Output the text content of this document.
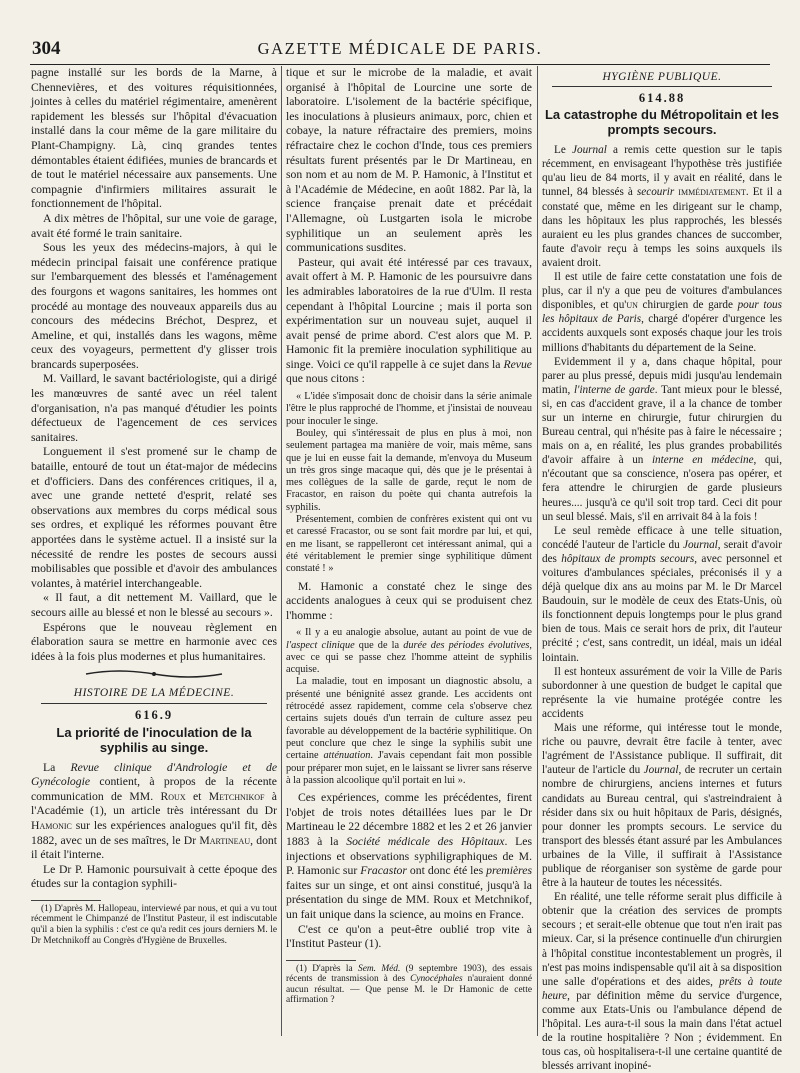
304	GAZETTE MÉDICALE DE PARIS.

pagne installé sur les bords de la Marne, à Chennevières, et des voitures réquisitionnées, jointes à celles du matériel régimentaire, amenèrent rapidement les blessés sur l'hôpital d'évacuation installé dans la cour même de la gare militaire du Plant-Champigny. Là, cinq grandes tentes démontables étaient édifiées, munies de brancards et de tout le matériel nécessaire aux pansements. Une compagnie d'infirmiers militaires assurait le fonctionnement de l'hôpital.

A dix mètres de l'hôpital, sur une voie de garage, avait été formé le train sanitaire.

Sous les yeux des médecins-majors, à qui le médecin principal faisait une conférence pratique sur l'embarquement des blessés et l'aménagement des fourgons et wagons sanitaires, les hommes ont procédé au montage des nouveaux appareils dus au concours des médecins Bréchot, Desprez, et Ameline, et qui, installés dans les wagons, même ceux des voyageurs, permettent d'y glisser trois brancards superposées.

M. Vaillard, le savant bactériologiste, qui a dirigé les manœuvres de santé avec un réel talent d'organisation, n'a pas manqué d'étudier les points défectueux de l'agencement de ces services sanitaires.

Longuement il s'est promené sur le champ de bataille, entouré de tout un état-major de médecins et d'officiers. Dans des conférences critiques, il a, avec une grande netteté d'esprit, relaté ses observations aux membres du corps médical sous ses ordres, et expliqué les réformes pouvant être apportées dans le système actuel. Il a insisté sur la nécessité de rendre les postes de secours aussi mobilisables que possible et d'avoir des ambulances volantes, à matériel interchangeable.

« Il faut, a dit nettement M. Vaillard, que le secours aille au blessé et non le blessé au secours ».

Espérons que le nouveau règlement en élaboration saura se mettre en harmonie avec ces idées à la fois plus modernes et plus humanitaires.

HISTOIRE DE LA MÉDECINE.
616.9
La priorité de l'inoculation de la syphilis au singe.

La Revue clinique d'Andrologie et de Gynécologie contient, à propos de la récente communication de MM. Roux et Metchnikof à l'Académie (1), un article très intéressant du Dr Hamonic sur les expériences analogues qu'il fit, dès 1882, avec un de ses maîtres, le Dr Martineau, dont il était l'interne.

Le Dr P. Hamonic poursuivait à cette époque des études sur la contagion syphili-

(1) D'après M. Hallopeau, interviewé par nous, et qui a vu tout récemment le Chimpanzé de l'Institut Pasteur, il est indiscutable qu'il a bien la syphilis : c'est ce qu'a redit ces jours derniers M. le Dr Metchnikoff au Congrès d'Hygiène de Bruxelles.

tique et sur le microbe de la maladie, et avait organisé à l'hôpital de Lourcine une sorte de laboratoire. L'isolement de la bactérie spécifique, les inoculations à plusieurs animaux, porc, chien et cobaye, la nature réfractaire des premiers, moins réfractaire chez le cochon d'Inde, tous ces premiers résultats furent présentés par le Dr Martineau, en son nom et au nom de M. P. Hamonic, à l'Institut et à l'Académie de Médecine, en août 1882. Par là, la science française prenait date et précédait l'Allemagne, où Lustgarten isola le microbe syphilitique un an seulement après les communications susdites.

Pasteur, qui avait été intéressé par ces travaux, avait offert à M. P. Hamonic de les poursuivre dans les admirables laboratoires de la rue d'Ulm. Il resta cependant à l'hôpital Lourcine ; mais il porta son expérimentation sur un nouveau sujet, auquel il avait pensé de prime abord. C'est alors que M. P. Hamonic fit la première inoculation syphilitique au singe. Voici ce qu'il rappelle à ce sujet dans la Revue que nous citons :

« L'idée s'imposait donc de choisir dans la série animale l'être le plus rapproché de l'homme, et j'insistai de nouveau pour inoculer le singe.

Bouley, qui s'intéressait de plus en plus à moi, non seulement partagea ma manière de voir, mais même, sans que je lui en eusse fait la demande, m'envoya du Museum un très gros singe macaque qui, dès que je le présentai à mes collègues de la salle de garde, reçut le nom de Fracastor, en raison du poète qui chanta autrefois la syphilis.

Présentement, combien de confrères existent qui ont vu et caressé Fracastor, ou se sont fait mordre par lui, et qui, en me lisant, se rappelleront cet intéressant animal, qui a été véritablement le premier singe syphilitique dûment constaté ! »

M. Hamonic a constaté chez le singe des accidents analogues à ceux qui se produisent chez l'homme :

« Il y a eu analogie absolue, autant au point de vue de l'aspect clinique que de la durée des périodes évolutives, avec ce qui se passe chez l'homme atteint de syphilis acquise.

La maladie, tout en imposant un diagnostic absolu, a présenté une bénignité assez grande. Les accidents ont rétrocédé assez rapidement, comme cela s'observe chez certains sujets doués d'un terrain de culture assez peu favorable au développement de la bactérie syphilitique. On peut conclure que chez le singe la syphilis subit une certaine atténuation. J'avais cependant fait mon possible pour préparer mon sujet, en le laissant se livrer sans réserve à la passion alcoolique qu'il portait en lui ».

Ces expériences, comme les précédentes, firent l'objet de trois notes détaillées lues par le Dr Martineau le 22 décembre 1882 et les 2 et 26 janvier 1883 à la Société médicale des Hôpitaux. Les injections et observations syphiligraphiques de M. P. Hamonic sur Fracastor ont donc été les premières faites sur un singe, et ont ainsi constitué, jusqu'à la présentation du singe de MM. Roux et Metchnikof, un fait unique dans la science, au moins en France.

C'est ce qu'on a peut-être oublié trop vite à l'Institut Pasteur (1).

(1) D'après la Sem. Méd. (9 septembre 1903), des essais récents de transmission à des Cynocéphales n'auraient donné aucun résultat. — Que pense M. le Dr Hamonic de cette affirmation ?

HYGIÈNE PUBLIQUE.
614.88
La catastrophe du Métropolitain et les prompts secours.

Le Journal a remis cette question sur le tapis récemment, en envisageant l'hypothèse très justifiée qu'au lieu de 84 morts, il y avait en réalité, dans le tunnel, 84 blessés à secourir immédiatement. Et il a constaté que, même en les dirigeant sur le champ, dans les hôpitaux les plus rapprochés, les blessés auraient eu les plus grandes chances de succomber, faute d'avoir reçu à temps les soins auxquels ils avaient droit.

Il est utile de faire cette constatation une fois de plus, car il n'y a que peu de voitures d'ambulances disponibles, et qu'un chirurgien de garde pour tous les hôpitaux de Paris, chargé d'opérer d'urgence les accidents auxquels sont exposés chaque jour les trois millions d'habitants du département de la Seine.

Evidemment il y a, dans chaque hôpital, pour parer au plus pressé, depuis midi jusqu'au lendemain matin, l'interne de garde. Tant mieux pour le blessé, si, en cas d'accident grave, il a la chance de tomber sur un interne en chirurgie, futur chirurgien du Bureau central, qui n'hésite pas à faire le nécessaire ; mais on a, en réalité, les plus grandes probabilités d'avoir affaire à un interne en médecine, qui, n'écoutant que sa conscience, n'osera pas opérer, et fera attendre le chirurgien de garde plusieurs heures.... jusqu'à ce qu'il soit trop tard. Ceci dit pour un seul blessé. Mais, s'il en arrivait 84 à la fois !

Le seul remède efficace à une telle situation, concédé l'auteur de l'article du Journal, serait d'avoir des hôpitaux de prompts secours, avec personnel et voitures d'ambulances spéciales, préconisés il y a déjà quelque dix ans au moins par M. le Dr Marcel Baudouin, sur le modèle de ceux des Etats-Unis, où ils fonctionnent depuis longtemps pour le plus grand bien de tous. Mais ce serait hors de prix, dit l'auteur précité ; c'est, sans contredit, un idéal, mais un idéal lointain.

Il est honteux assurément de voir la Ville de Paris subordonner à une question de budget le capital que représente la vie humaine protégée contre les accidents

Mais une réforme, qui intéresse tout le monde, riche ou pauvre, devrait être facile à tenter, avec l'agrément de l'Assistance publique. Il suffirait, dit l'auteur de l'article du Journal, de recruter un certain nombre de chirurgiens, anciens internes et futurs candidats au Bureau central, qui s'astreindraient à résider dans six ou huit hôpitaux de Paris, désignés, pour donner les prompts secours. Le service du transport des blessés étant assuré par les Ambulances urbaines de la Ville, il suffirait à l'Assistance publique de réorganiser son système de garde pour être à la hauteur de toutes les nécessités.

En réalité, une telle réforme serait plus difficile à obtenir que la création des services de prompts secours ; et serait-elle obtenue que tout n'en irait pas mieux. Car, si la présence continuelle d'un chirurgien à l'hôpital constitue incontestablement un progrès, il n'est pas moins indispensable qu'il ait à sa disposition une salle d'opérations et des aides, prêts à toute heure, par définition même du service d'urgence, comme aux Etats-Unis ou l'ambulance dépend de l'hôpital. Les aura-t-il sous la main dans l'état actuel de la routine hospitalière ? Non ; évidemment. En tous cas, où hospitalisera-t-il une certaine quantité de blessés arrivant inopiné-
